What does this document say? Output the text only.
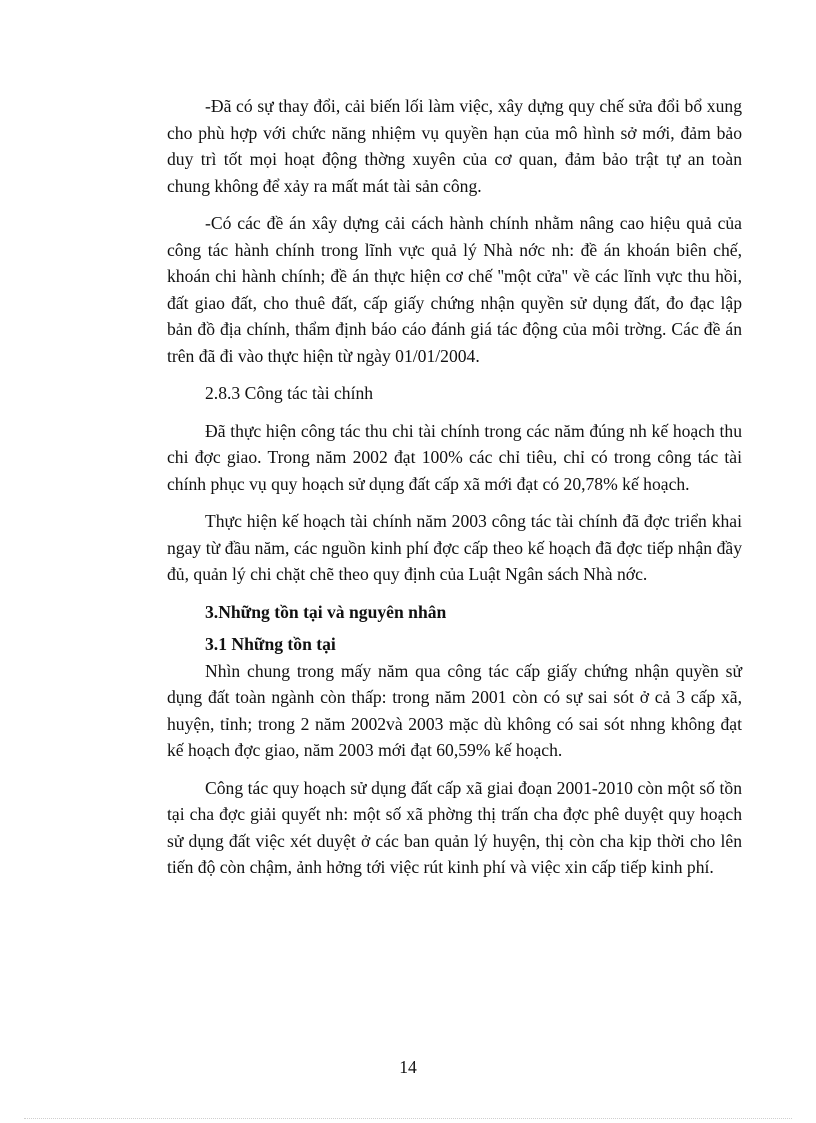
-Đã có sự thay đổi, cải biến lối làm việc, xây dựng quy chế sửa đổi bổ xung cho phù hợp với chức năng nhiệm vụ quyền hạn của mô hình sở mới, đảm bảo duy trì tốt mọi hoạt động thờng xuyên của cơ quan, đảm bảo trật tự an toàn chung không để xảy ra mất mát tài sản công.

-Có các đề án xây dựng cải cách hành chính nhằm nâng cao hiệu quả của công tác hành chính trong lĩnh vực quả lý Nhà nớc nh: đề án khoán biên chế, khoán chi hành chính; đề án thực hiện cơ chế ''một cửa'' về các lĩnh vực thu hồi, đất giao đất, cho thuê đất, cấp giấy chứng nhận quyền sử dụng đất, đo đạc lập bản đồ địa chính, thẩm định báo cáo đánh giá tác động của môi trờng. Các đề án trên đã đi vào thực hiện từ ngày 01/01/2004.

2.8.3 Công tác tài chính

Đã thực hiện công tác thu chi tài chính trong các năm đúng nh kế hoạch thu chi đợc giao. Trong năm 2002 đạt 100% các chỉ tiêu, chỉ có trong công tác tài chính phục vụ quy hoạch sử dụng đất cấp xã mới đạt có 20,78% kế hoạch.

Thực hiện kế hoạch tài chính năm 2003 công tác tài chính đã đợc triển khai ngay từ đầu năm, các nguồn kinh phí đợc cấp theo kế hoạch đã đợc tiếp nhận đầy đủ, quản lý chi chặt chẽ theo quy định của Luật Ngân sách Nhà nớc.

3.Những tồn tại và nguyên nhân
3.1 Những tồn tại

Nhìn chung trong mấy năm qua công tác cấp giấy chứng nhận quyền sử dụng đất toàn ngành còn thấp: trong năm 2001 còn có sự sai sót ở cả 3 cấp xã, huyện, tỉnh; trong 2 năm 2002và 2003 mặc dù không có sai sót nhng không đạt kế hoạch đợc giao, năm 2003 mới đạt 60,59% kế hoạch.

Công tác quy hoạch sử dụng đất cấp xã giai đoạn 2001-2010 còn một số tồn tại cha đợc giải quyết nh: một số xã phờng thị trấn cha đợc phê duyệt quy hoạch sử dụng đất việc xét duyệt ở các ban quản lý huyện, thị còn cha kịp thời cho lên tiến độ còn chậm, ảnh hởng tới việc rút kinh phí và việc xin cấp tiếp kinh phí.

14
